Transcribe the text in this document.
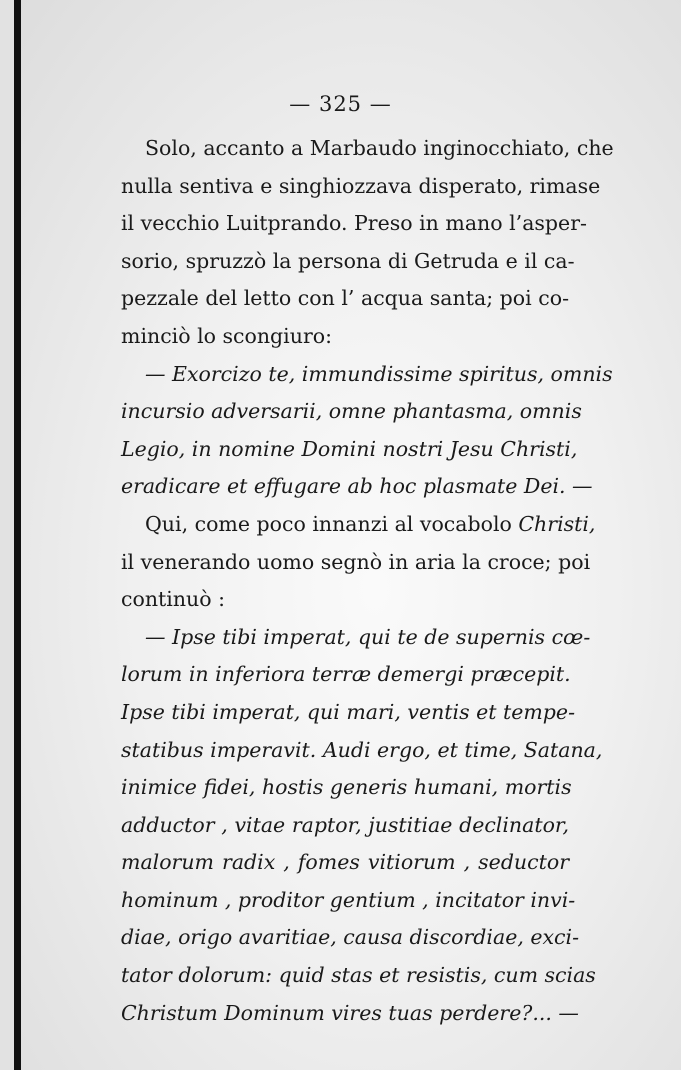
— 325 —
Solo, accanto a Marbaudo inginocchiato, che
nulla sentiva e singhiozzava disperato, rimase
il vecchio Luitprando. Preso in mano l’asper-
sorio, spruzzò la persona di Getruda e il ca-
pezzale del letto con l’ acqua santa; poi co-
minciò lo scongiuro:
— Exorcizo te, immundissime spiritus, omnis
incursio adversarii, omne phantasma, omnis
Legio, in nomine Domini nostri Jesu Christi,
eradicare et effugare ab hoc plasmate Dei. —
Qui, come poco innanzi al vocabolo Christi,
il venerando uomo segnò in aria la croce; poi
continuò :
— Ipse tibi imperat, qui te de supernis cœ-
lorum in inferiora terræ demergi præcepit.
Ipse tibi imperat, qui mari, ventis et tempe-
statibus imperavit. Audi ergo, et time, Satana,
inimice fidei, hostis generis humani, mortis
adductor , vitae raptor, justitiae declinator,
malorum radix , fomes vitiorum , seductor
hominum , proditor gentium , incitator invi-
diae, origo avaritiae, causa discordiae, exci-
tator dolorum: quid stas et resistis, cum scias
Christum Dominum vires tuas perdere?... —
